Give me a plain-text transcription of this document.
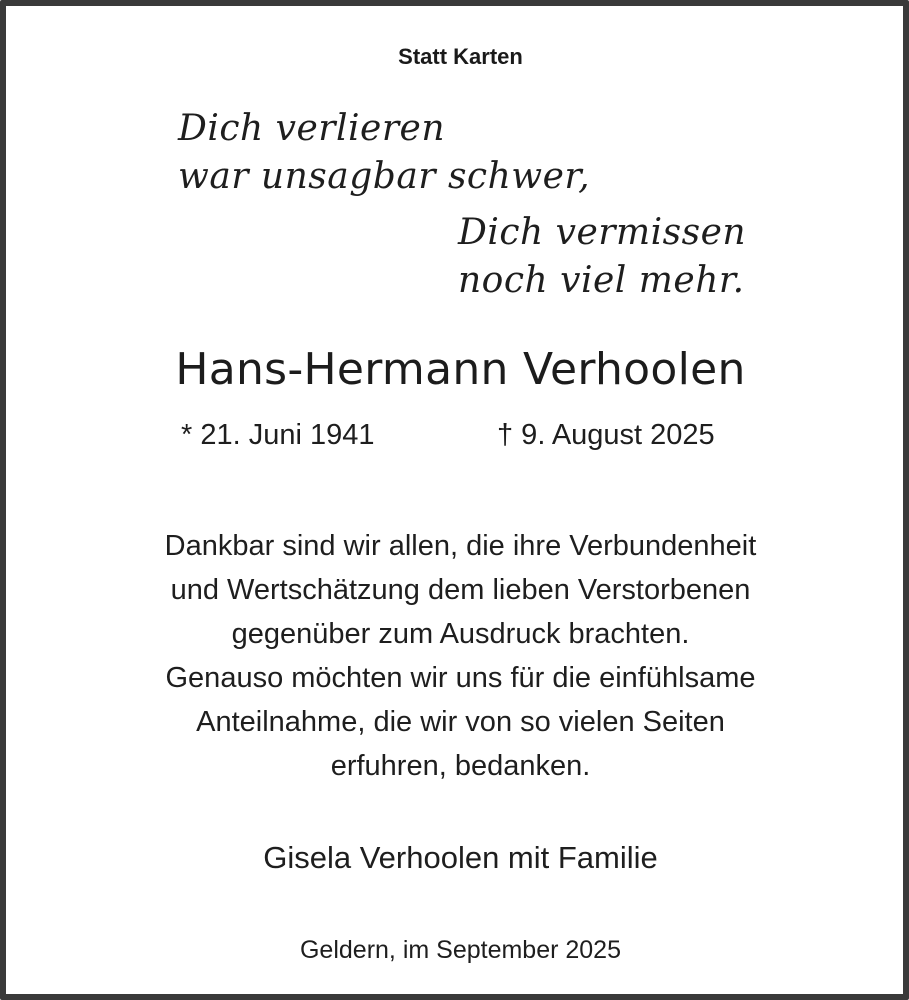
Statt Karten
Dich verlieren
war unsagbar schwer,
Dich vermissen
noch viel mehr.
Hans-Hermann Verhoolen
* 21. Juni 1941	† 9. August 2025
Dankbar sind wir allen, die ihre Verbundenheit
und Wertschätzung dem lieben Verstorbenen
gegenüber zum Ausdruck brachten.
Genauso möchten wir uns für die einfühlsame
Anteilnahme, die wir von so vielen Seiten
erfuhren, bedanken.
Gisela Verhoolen mit Familie
Geldern, im September 2025
